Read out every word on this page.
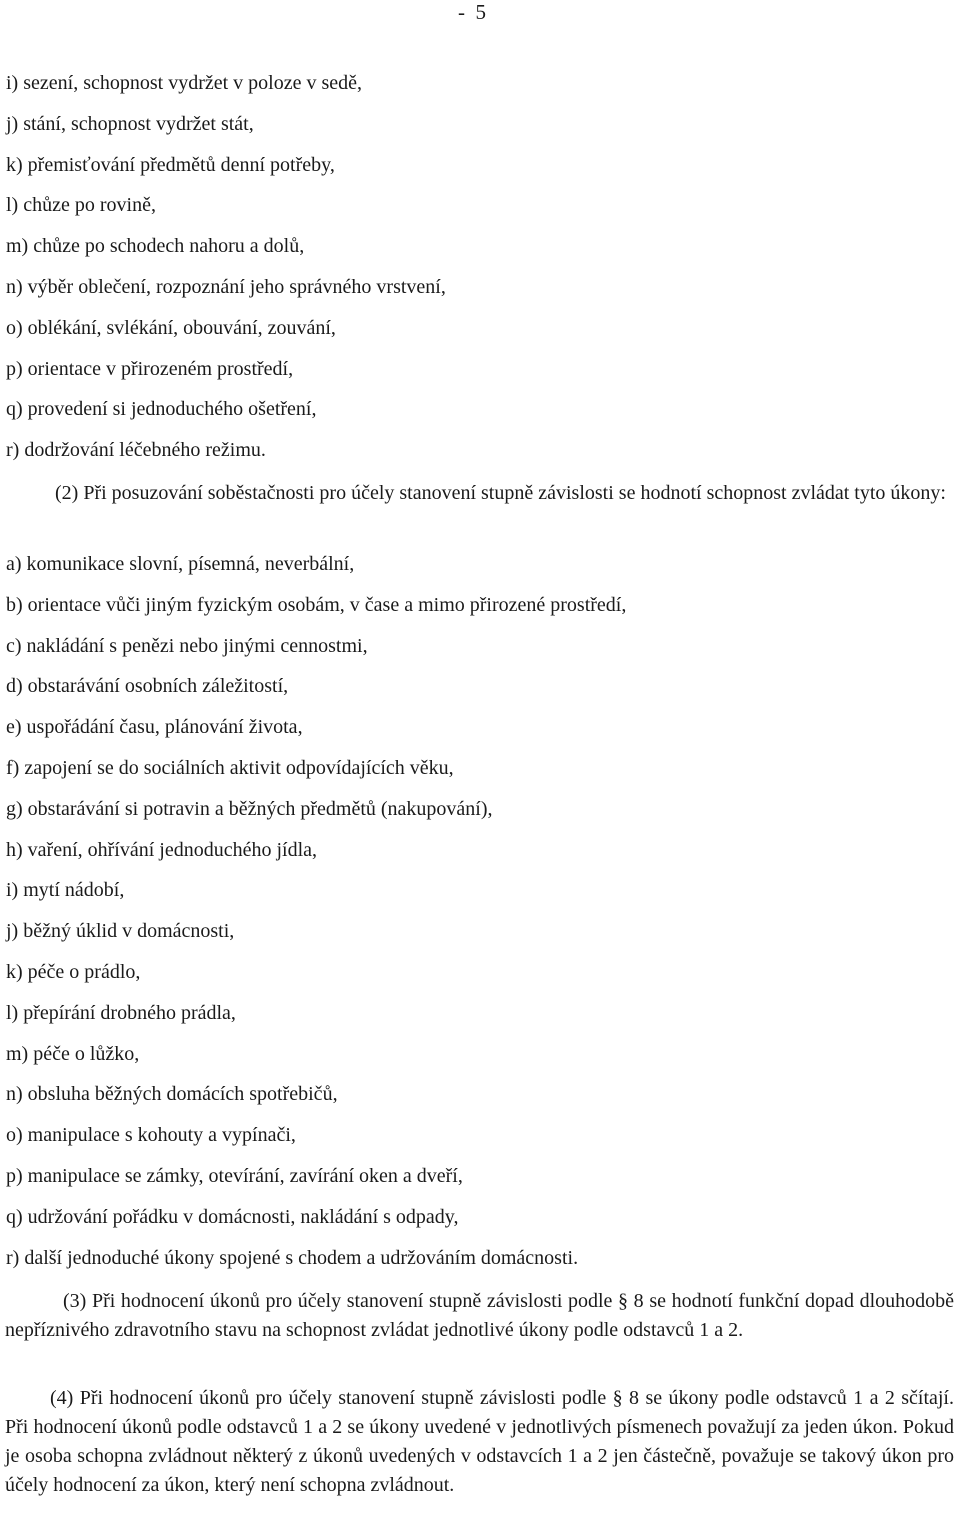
-  5
i) sezení, schopnost vydržet v poloze v sedě,
j) stání, schopnost vydržet stát,
k) přemisťování předmětů denní potřeby,
l) chůze po rovině,
m) chůze po schodech nahoru a dolů,
n) výběr oblečení, rozpoznání jeho správného vrstvení,
o) oblékání, svlékání, obouvání, zouvání,
p) orientace v přirozeném prostředí,
q) provedení si jednoduchého ošetření,
r) dodržování léčebného režimu.
(2) Při posuzování soběstačnosti pro účely stanovení stupně závislosti se hodnotí schopnost zvládat tyto úkony:
a) komunikace slovní, písemná, neverbální,
b) orientace vůči jiným fyzickým osobám, v čase a mimo přirozené prostředí,
c) nakládání s penězi nebo jinými cennostmi,
d) obstarávání osobních záležitostí,
e) uspořádání času, plánování života,
f) zapojení se do sociálních aktivit odpovídajících věku,
g) obstarávání si potravin a běžných předmětů (nakupování),
h) vaření, ohřívání jednoduchého jídla,
i) mytí nádobí,
j) běžný úklid v domácnosti,
k) péče o prádlo,
l) přepírání drobného prádla,
m) péče o lůžko,
n) obsluha běžných domácích spotřebičů,
o) manipulace s kohouty a vypínači,
p) manipulace se zámky, otevírání, zavírání oken a dveří,
q) udržování pořádku v domácnosti, nakládání s odpady,
r) další jednoduché úkony spojené s chodem a udržováním domácnosti.
(3) Při hodnocení úkonů pro účely stanovení stupně závislosti podle § 8 se hodnotí funkční dopad dlouhodobě nepříznivého zdravotního stavu na schopnost zvládat jednotlivé úkony podle odstavců 1 a 2.
(4) Při hodnocení úkonů pro účely stanovení stupně závislosti podle § 8 se úkony podle odstavců 1 a 2 sčítají. Při hodnocení úkonů podle odstavců 1 a 2 se úkony uvedené v jednotlivých písmenech považují za jeden úkon. Pokud je osoba schopna zvládnout některý z úkonů uvedených v odstavcích 1 a 2 jen částečně, považuje se takový úkon pro účely hodnocení za úkon, který není schopna zvládnout.
